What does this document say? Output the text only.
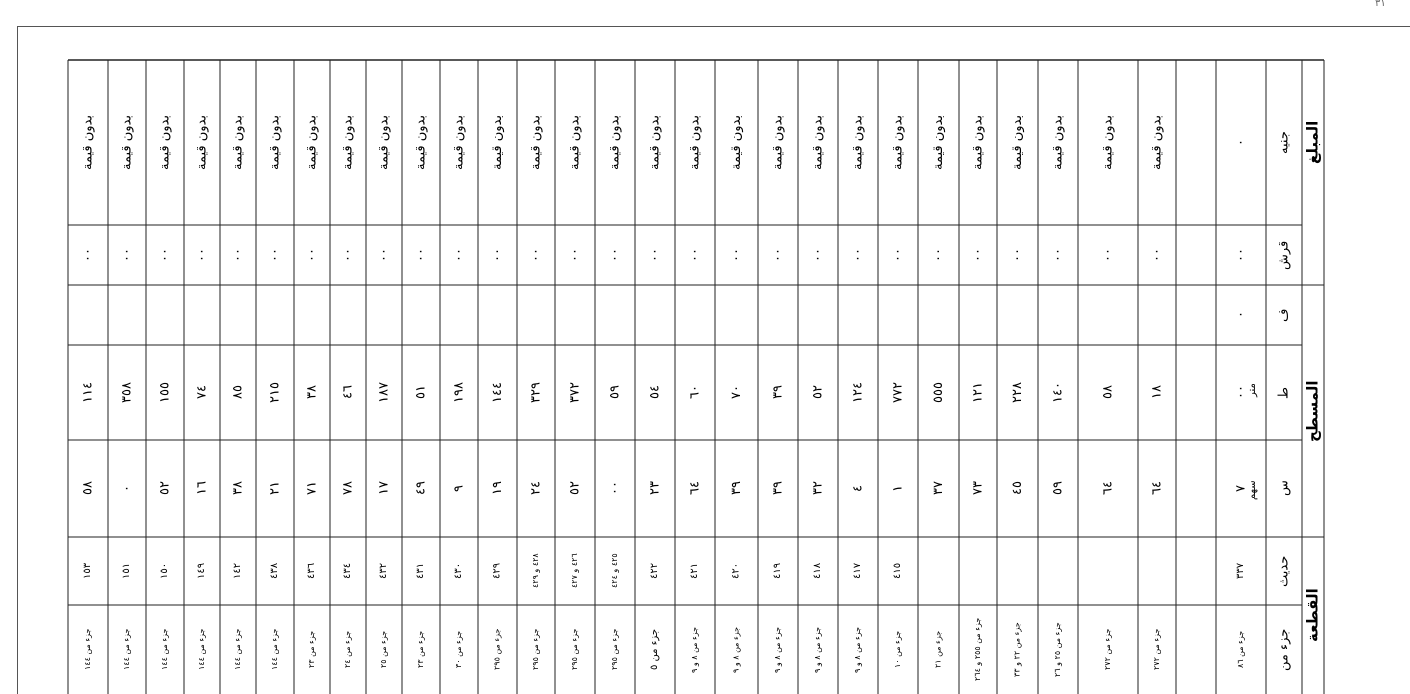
٣١
القطعة
المسطح
المبلغ
جزء من
حديث
س
ط
ف
قرش
جنيه
سهم
متر
جزء من ٨٦
٣٣٧
٧
٠٠
٠
٠٠
٠
جزء من ٢٧٢
٦٤
١٨
٠٠
بدون قيمة
جزء من ٢٧٢
٦٤
٥٨
٠٠
بدون قيمة
جزء من ٢٥ و ٢٦
٥٩
١٤٠
٠٠
بدون قيمة
جزء من ٢٢ و ٣٣
٤٥
٢٢٨
٠٠
بدون قيمة
جزء من ٢٥٥ و ٢٦٤
٧٣
١٢١
٠٠
بدون قيمة
جزء من ٢١
٣٧
٥٥٥
٠٠
بدون قيمة
جزء من ١٠
٤١٥
١
٧٧٢
٠٠
بدون قيمة
جزء من ٨ و ٩
٤١٧
٤
١٢٤
٠٠
بدون قيمة
جزء من ٨ و ٩
٤١٨
٣٢
٥٢
٠٠
بدون قيمة
جزء من ٨ و ٩
٤١٩
٣٩
٣٩
٠٠
بدون قيمة
جزء من ٨ و ٩
٤٢٠
٣٩
٧٠
٠٠
بدون قيمة
جزء من ٨ و ٩
٤٢١
٦٤
٦٠
٠٠
بدون قيمة
جزء من ٥
٤٢٢
٢٣
٥٤
٠٠
بدون قيمة
جزء من ٢٩٥
٤٢٥ و ٤٢٤
٠٠
٥٩
٠٠
بدون قيمة
جزء من ٢٩٥
٤٢٦ و ٤٢٧
٥٢
٣٧٢
٠٠
بدون قيمة
جزء من ٢٩٥
٤٢٨ و ٤٢٩
٢٤
٣٢٩
٠٠
بدون قيمة
جزء من ٢٩٥
٤٢٩
١٩
١٤٤
٠٠
بدون قيمة
جزء من ٣٠
٤٣٠
٩
١٩٨
٠٠
بدون قيمة
جزء من ٢٣
٤٣١
٤٩
٥١
٠٠
بدون قيمة
جزء من ٢٥
٤٣٢
١٧
١٨٧
٠٠
بدون قيمة
جزء من ٢٤
٤٣٤
٧٨
٤٦
٠٠
بدون قيمة
جزء من ٢٣
٤٣٦
٧١
٣٨
٠٠
بدون قيمة
جزء من ١٤٤
٤٣٨
٢١
٢١٥
٠٠
بدون قيمة
جزء من ١٤٤
١٤٢
٣٨
٨٥
٠٠
بدون قيمة
جزء من ١٤٤
١٤٩
١٦
٧٤
٠٠
بدون قيمة
جزء من ١٤٤
١٥٠
٥٢
١٥٥
٠٠
بدون قيمة
جزء من ١٤٤
١٥١
٠
٣٥٨
٠٠
بدون قيمة
جزء من ١٤٤
١٥٣
٥٨
١١٤
٠٠
بدون قيمة
